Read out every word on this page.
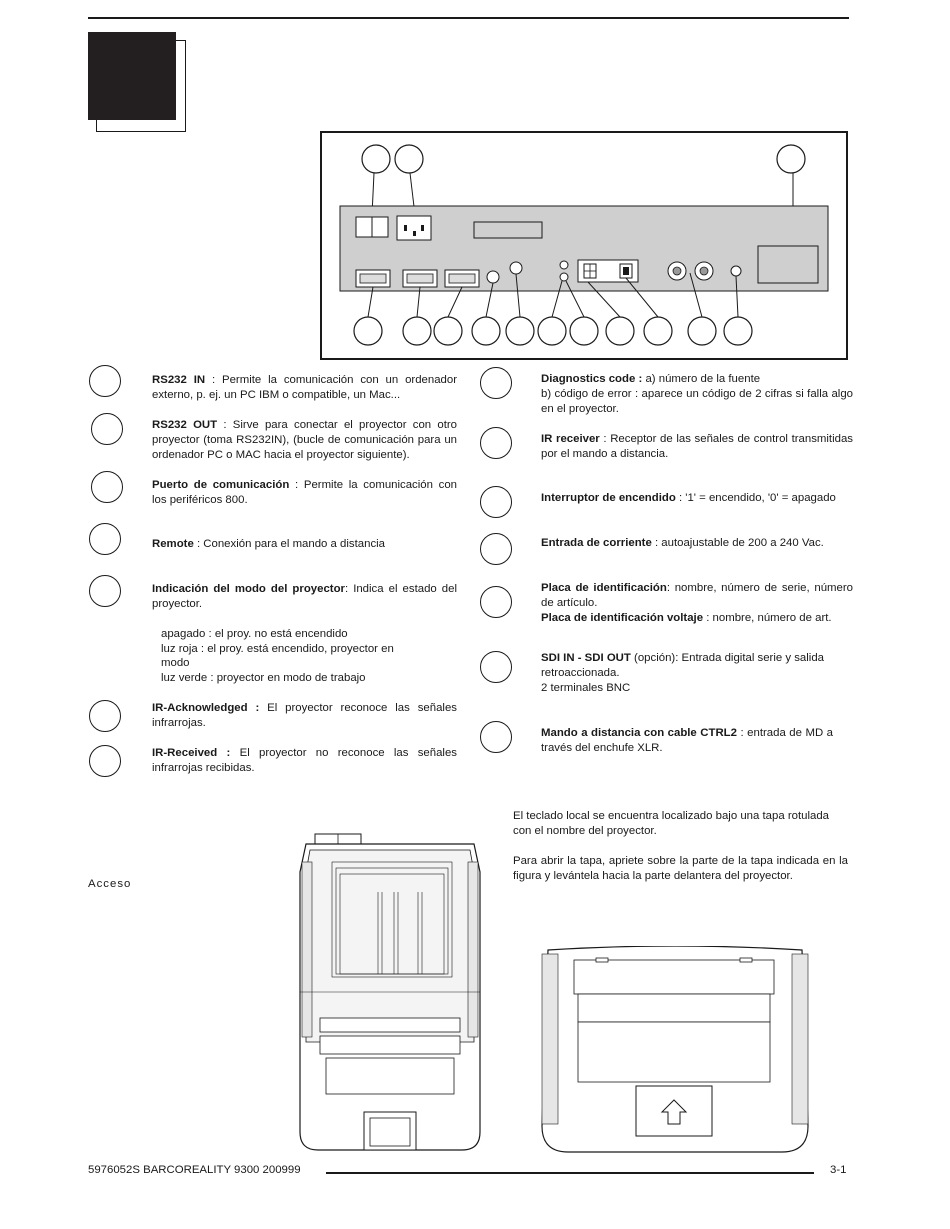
RS232 IN : Permite la comunicación con un ordenador externo, p. ej. un PC IBM o compatible, un Mac...
RS232 OUT : Sirve para conectar el proyector con otro proyector (toma RS232IN), (bucle de comunicación para un ordenador PC o MAC hacia el proyector siguiente).
Puerto de comunicación : Permite la comunicación con los periféricos 800.
Remote : Conexión para el mando a distancia
Indicación del modo del proyector: Indica el estado del proyector.
apagado : el proy. no está encendido
luz roja : el proy. está encendido, proyector en
modo
luz verde : proyector en modo de trabajo
IR-Acknowledged : El proyector reconoce las señales infrarrojas.
IR-Received : El proyector no reconoce las señales infrarrojas recibidas.
Diagnostics code : a) número de la fuente
b) código de error : aparece un código de 2 cifras si falla algo en el proyector.
IR receiver : Receptor de las señales de control transmitidas por el mando a distancia.
Interruptor de encendido : '1' = encendido, '0' = apagado
Entrada de corriente : autoajustable de 200 a 240 Vac.
Placa de identificación: nombre, número de serie, número de artículo.
Placa de identificación voltaje : nombre, número de art.
SDI IN - SDI OUT (opción): Entrada digital serie y salida retroaccionada.
2 terminales BNC
Mando a distancia con cable CTRL2 : entrada de MD a través del enchufe XLR.
Acceso
El teclado local se encuentra localizado bajo una tapa rotulada con el nombre del proyector.
Para abrir la tapa, apriete sobre la parte de la tapa indicada en la figura y levántela hacia la parte delantera del proyector.
5976052S BARCOREALITY 9300 200999	3-1
